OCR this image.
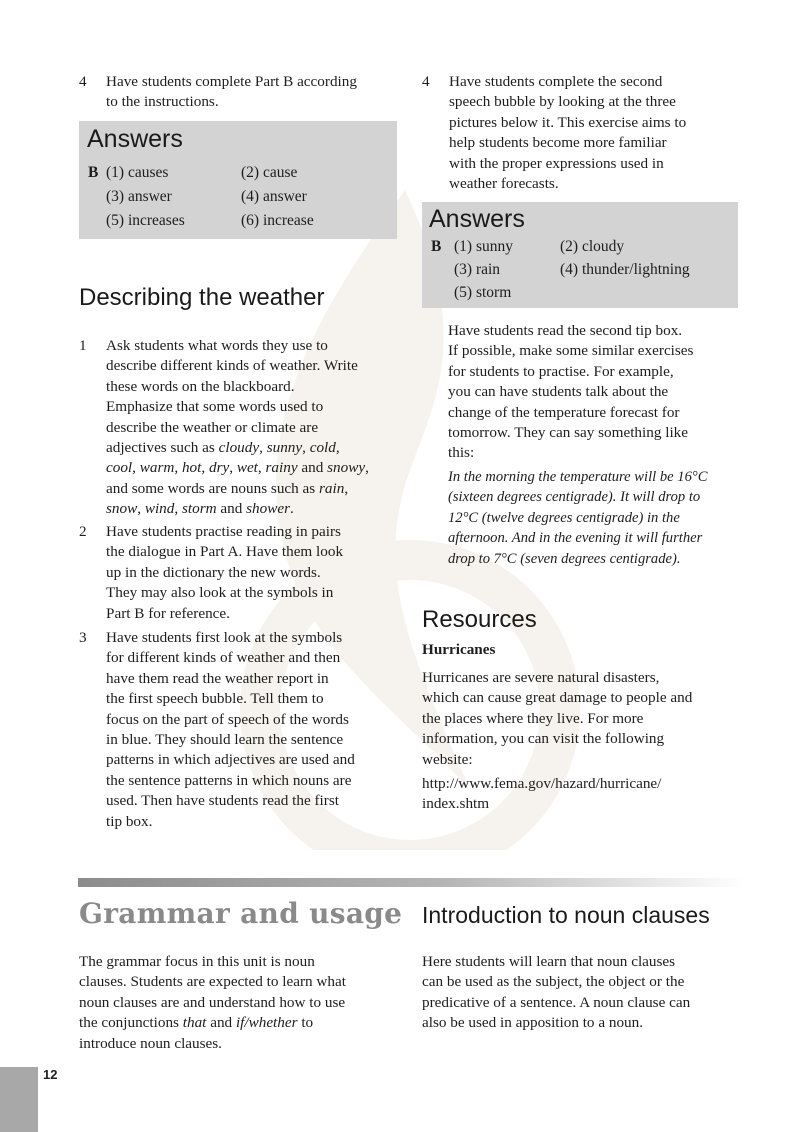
4 Have students complete Part B according
to the instructions.
Answers
B (1) causes	(2) cause
(3) answer	(4) answer
(5) increases	(6) increase
Describing the weather
1 Ask students what words they use to
describe different kinds of weather. Write
these words on the blackboard.
Emphasize that some words used to
describe the weather or climate are
adjectives such as cloudy, sunny, cold,
cool, warm, hot, dry, wet, rainy and snowy,
and some words are nouns such as rain,
snow, wind, storm and shower.
2 Have students practise reading in pairs
the dialogue in Part A. Have them look
up in the dictionary the new words.
They may also look at the symbols in
Part B for reference.
3 Have students first look at the symbols
for different kinds of weather and then
have them read the weather report in
the first speech bubble. Tell them to
focus on the part of speech of the words
in blue. They should learn the sentence
patterns in which adjectives are used and
the sentence patterns in which nouns are
used. Then have students read the first
tip box.
4 Have students complete the second
speech bubble by looking at the three
pictures below it. This exercise aims to
help students become more familiar
with the proper expressions used in
weather forecasts.
Answers
B (1) sunny	(2) cloudy
(3) rain	(4) thunder/lightning
(5) storm
Have students read the second tip box.
If possible, make some similar exercises
for students to practise. For example,
you can have students talk about the
change of the temperature forecast for
tomorrow. They can say something like
this:
In the morning the temperature will be 16°C
(sixteen degrees centigrade). It will drop to
12°C (twelve degrees centigrade) in the
afternoon. And in the evening it will further
drop to 7°C (seven degrees centigrade).
Resources
Hurricanes
Hurricanes are severe natural disasters,
which can cause great damage to people and
the places where they live. For more
information, you can visit the following
website:
http://www.fema.gov/hazard/hurricane/
index.shtm
Grammar and usage
The grammar focus in this unit is noun
clauses. Students are expected to learn what
noun clauses are and understand how to use
the conjunctions that and if/whether to
introduce noun clauses.
Introduction to noun clauses
Here students will learn that noun clauses
can be used as the subject, the object or the
predicative of a sentence. A noun clause can
also be used in apposition to a noun.
12
